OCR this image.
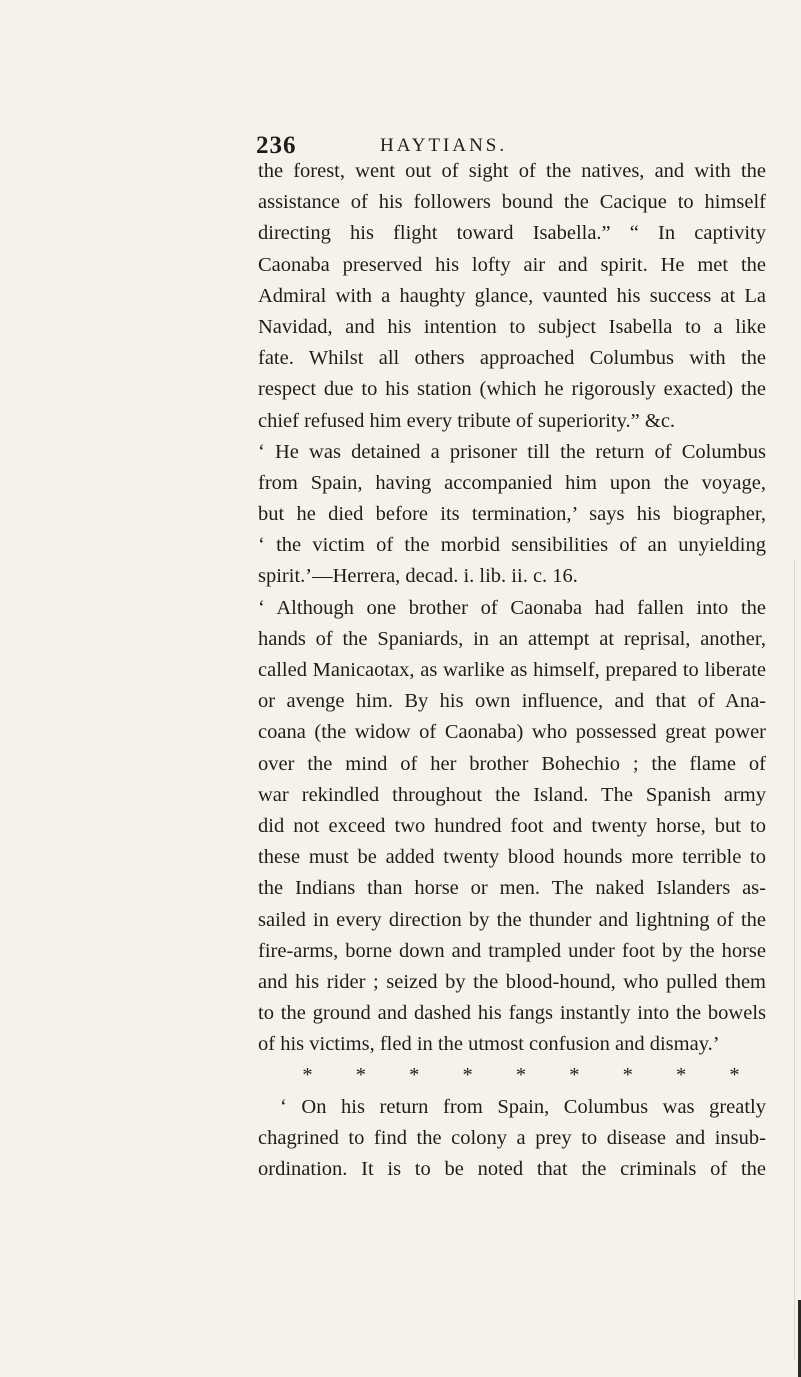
236	HAYTIANS.
the forest, went out of sight of the natives, and with the
assistance of his followers bound the Cacique to himself
directing his flight toward Isabella.” “ In captivity
Caonaba preserved his lofty air and spirit. He met the
Admiral with a haughty glance, vaunted his success at La
Navidad, and his intention to subject Isabella to a like
fate. Whilst all others approached Columbus with the
respect due to his station (which he rigorously exacted) the
chief refused him every tribute of superiority.” &c.
‘ He was detained a prisoner till the return of Columbus
from Spain, having accompanied him upon the voyage,
but he died before its termination,’ says his biographer,
‘ the victim of the morbid sensibilities of an unyielding
spirit.’—Herrera, decad. i. lib. ii. c. 16.
‘ Although one brother of Caonaba had fallen into the
hands of the Spaniards, in an attempt at reprisal, another,
called Manicaotax, as warlike as himself, prepared to liberate
or avenge him. By his own influence, and that of Ana-
coana (the widow of Caonaba) who possessed great power
over the mind of her brother Bohechio ; the flame of
war rekindled throughout the Island. The Spanish army
did not exceed two hundred foot and twenty horse, but to
these must be added twenty blood hounds more terrible to
the Indians than horse or men. The naked Islanders as-
sailed in every direction by the thunder and lightning of the
fire-arms, borne down and trampled under foot by the horse
and his rider ; seized by the blood-hound, who pulled them
to the ground and dashed his fangs instantly into the bowels
of his victims, fled in the utmost confusion and dismay.’
* * * * * * * * *
‘ On his return from Spain, Columbus was greatly
chagrined to find the colony a prey to disease and insub-
ordination. It is to be noted that the criminals of the
